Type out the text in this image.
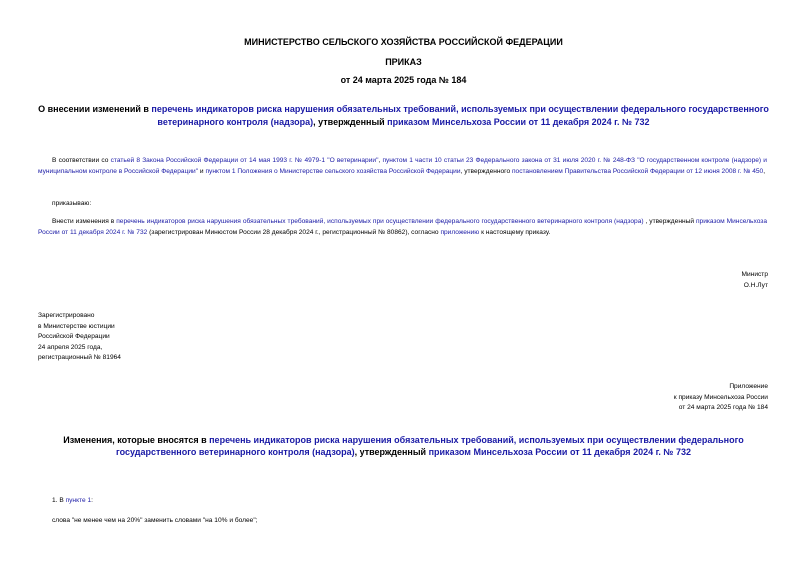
МИНИСТЕРСТВО СЕЛЬСКОГО ХОЗЯЙСТВА РОССИЙСКОЙ ФЕДЕРАЦИИ
ПРИКАЗ
от 24 марта 2025 года № 184
О внесении изменений в перечень индикаторов риска нарушения обязательных требований, используемых при осуществлении федерального государственного ветеринарного контроля (надзора), утвержденный приказом Минсельхоза России от 11 декабря 2024 г. № 732
В соответствии со статьей 8 Закона Российской Федерации от 14 мая 1993 г. № 4979-1 "О ветеринарии", пунктом 1 части 10 статьи 23 Федерального закона от 31 июля 2020 г. № 248-ФЗ "О государственном контроле (надзоре) и муниципальном контроле в Российской Федерации" и пунктом 1 Положения о Министерстве сельского хозяйства Российской Федерации, утвержденного постановлением Правительства Российской Федерации от 12 июня 2008 г. № 450,
приказываю:
Внести изменения в перечень индикаторов риска нарушения обязательных требований, используемых при осуществлении федерального государственного ветеринарного контроля (надзора) , утвержденный приказом Минсельхоза России от 11 декабря 2024 г. № 732 (зарегистрирован Минюстом России 28 декабря 2024 г., регистрационный № 80862), согласно приложению к настоящему приказу.
Министр
О.Н.Лут
Зарегистрировано
в Министерстве юстиции
Российской Федерации
24 апреля 2025 года,
регистрационный № 81964
Приложение
к приказу Минсельхоза России
от 24 марта 2025 года № 184
Изменения, которые вносятся в перечень индикаторов риска нарушения обязательных требований, используемых при осуществлении федерального государственного ветеринарного контроля (надзора), утвержденный приказом Минсельхоза России от 11 декабря 2024 г. № 732
1. В пункте 1:
слова "не менее чем на 20%" заменить словами "на 10% и более";
